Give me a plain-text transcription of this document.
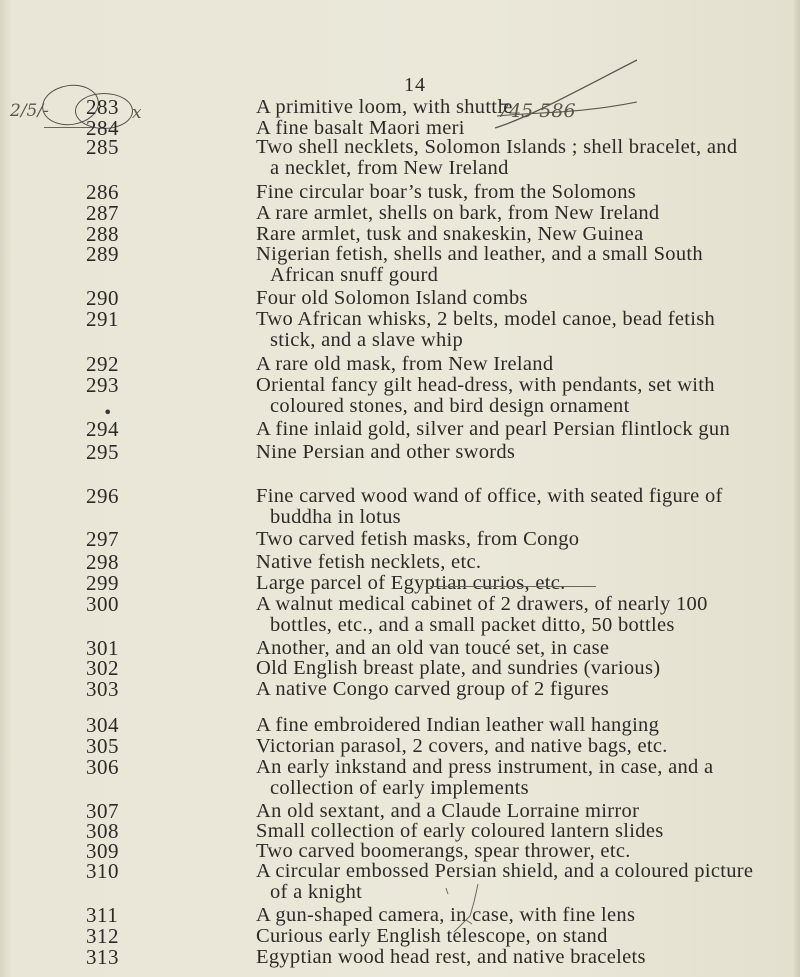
14
2/5/-	x	745 586
•
283	A primitive loom, with shuttle
284	A fine basalt Maori meri
285	Two shell necklets, Solomon Islands ; shell bracelet, and
a necklet, from New Ireland
286	Fine circular boar’s tusk, from the Solomons
287	A rare armlet, shells on bark, from New Ireland
288	Rare armlet, tusk and snakeskin, New Guinea
289	Nigerian fetish, shells and leather, and a small South
African snuff gourd
290	Four old Solomon Island combs
291	Two African whisks, 2 belts, model canoe, bead fetish
stick, and a slave whip
292	A rare old mask, from New Ireland
293	Oriental fancy gilt head-dress, with pendants, set with
coloured stones, and bird design ornament
294	A fine inlaid gold, silver and pearl Persian flintlock gun
295	Nine Persian and other swords
296	Fine carved wood wand of office, with seated figure of
buddha in lotus
297	Two carved fetish masks, from Congo
298	Native fetish necklets, etc.
299	Large parcel of Egyptian curios, etc.
300	A walnut medical cabinet of 2 drawers, of nearly 100
bottles, etc., and a small packet ditto, 50 bottles
301	Another, and an old van toucé set, in case
302	Old English breast plate, and sundries (various)
303	A native Congo carved group of 2 figures
304	A fine embroidered Indian leather wall hanging
305	Victorian parasol, 2 covers, and native bags, etc.
306	An early inkstand and press instrument, in case, and a
collection of early implements
307	An old sextant, and a Claude Lorraine mirror
308	Small collection of early coloured lantern slides
309	Two carved boomerangs, spear thrower, etc.
310	A circular embossed Persian shield, and a coloured picture
of a knight
311	A gun-shaped camera, in case, with fine lens
312	Curious early English telescope, on stand
313	Egyptian wood head rest, and native bracelets
